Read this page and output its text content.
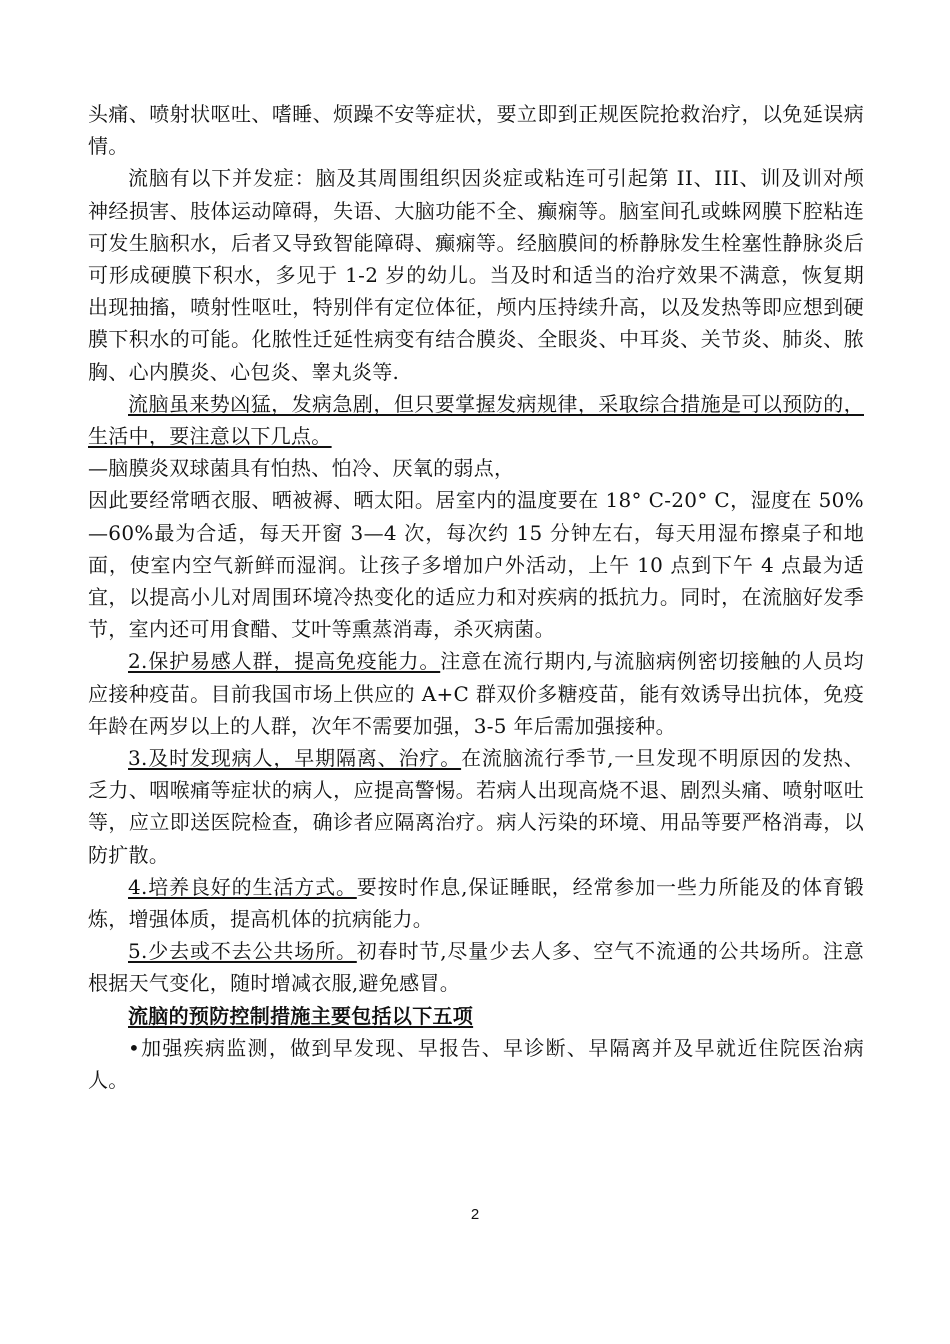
头痛、喷射状呕吐、嗜睡、烦躁不安等症状，要立即到正规医院抢救治疗，以免延误病情。

流脑有以下并发症：脑及其周围组织因炎症或粘连可引起第 II、III、训及训对颅神经损害、肢体运动障碍，失语、大脑功能不全、癫痫等。脑室间孔或蛛网膜下腔粘连可发生脑积水，后者又导致智能障碍、癫痫等。经脑膜间的桥静脉发生栓塞性静脉炎后可形成硬膜下积水，多见于 1-2 岁的幼儿。当及时和适当的治疗效果不满意，恢复期出现抽搐，喷射性呕吐，特别伴有定位体征，颅内压持续升高，以及发热等即应想到硬膜下积水的可能。化脓性迁延性病变有结合膜炎、全眼炎、中耳炎、关节炎、肺炎、脓胸、心内膜炎、心包炎、睾丸炎等.

流脑虽来势凶猛，发病急剧，但只要掌握发病规律，采取综合措施是可以预防的，生活中，要注意以下几点。

—脑膜炎双球菌具有怕热、怕冷、厌氧的弱点，

因此要经常晒衣服、晒被褥、晒太阳。居室内的温度要在 18° C-20° C，湿度在 50%—60%最为合适，每天开窗 3—4 次，每次约 15 分钟左右，每天用湿布擦桌子和地面，使室内空气新鲜而湿润。让孩子多增加户外活动，上午 10 点到下午 4 点最为适宜，以提高小儿对周围环境冷热变化的适应力和对疾病的抵抗力。同时，在流脑好发季节，室内还可用食醋、艾叶等熏蒸消毒，杀灭病菌。

2.保护易感人群，提高免疫能力。注意在流行期内,与流脑病例密切接触的人员均应接种疫苗。目前我国市场上供应的 A+C 群双价多糖疫苗，能有效诱导出抗体，免疫年龄在两岁以上的人群，次年不需要加强，3-5 年后需加强接种。

3.及时发现病人，早期隔离、治疗。在流脑流行季节,一旦发现不明原因的发热、乏力、咽喉痛等症状的病人，应提高警惕。若病人出现高烧不退、剧烈头痛、喷射呕吐等，应立即送医院检查，确诊者应隔离治疗。病人污染的环境、用品等要严格消毒，以防扩散。

4.培养良好的生活方式。要按时作息,保证睡眠，经常参加一些力所能及的体育锻炼，增强体质，提高机体的抗病能力。

5.少去或不去公共场所。初春时节,尽量少去人多、空气不流通的公共场所。注意根据天气变化，随时增减衣服,避免感冒。

流脑的预防控制措施主要包括以下五项

•加强疾病监测，做到早发现、早报告、早诊断、早隔离并及早就近住院医治病人。

2
